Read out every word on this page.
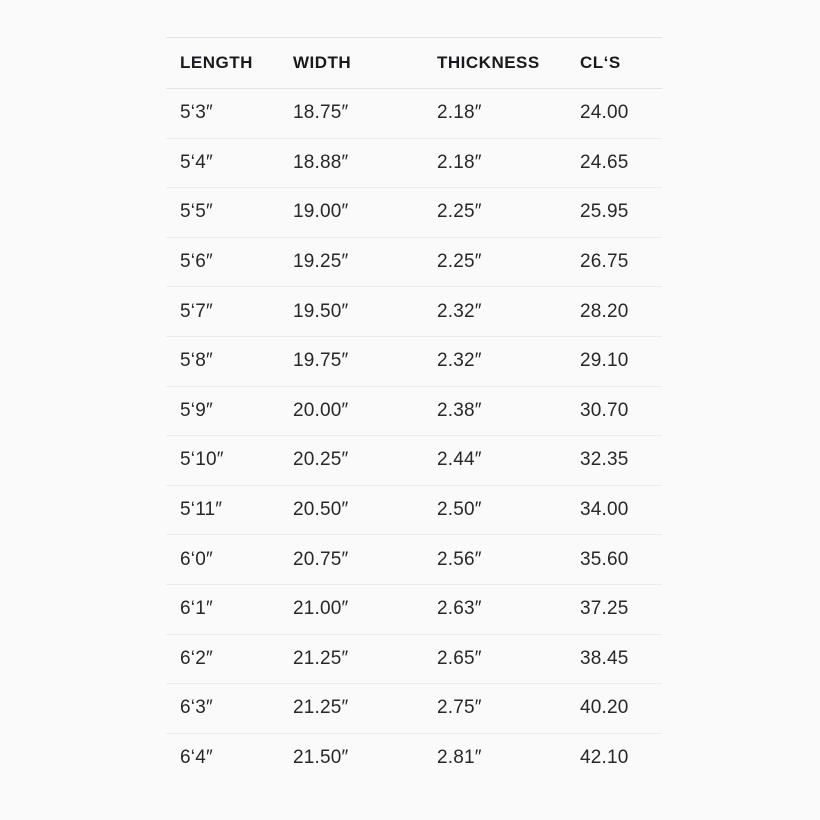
LENGTH	WIDTH	THICKNESS	CL‘S
5‘3″	18.75″	2.18″	24.00
5‘4″	18.88″	2.18″	24.65
5‘5″	19.00″	2.25″	25.95
5‘6″	19.25″	2.25″	26.75
5‘7″	19.50″	2.32″	28.20
5‘8″	19.75″	2.32″	29.10
5‘9″	20.00″	2.38″	30.70
5‘10″	20.25″	2.44″	32.35
5‘11″	20.50″	2.50″	34.00
6‘0″	20.75″	2.56″	35.60
6‘1″	21.00″	2.63″	37.25
6‘2″	21.25″	2.65″	38.45
6‘3″	21.25″	2.75″	40.20
6‘4″	21.50″	2.81″	42.10
